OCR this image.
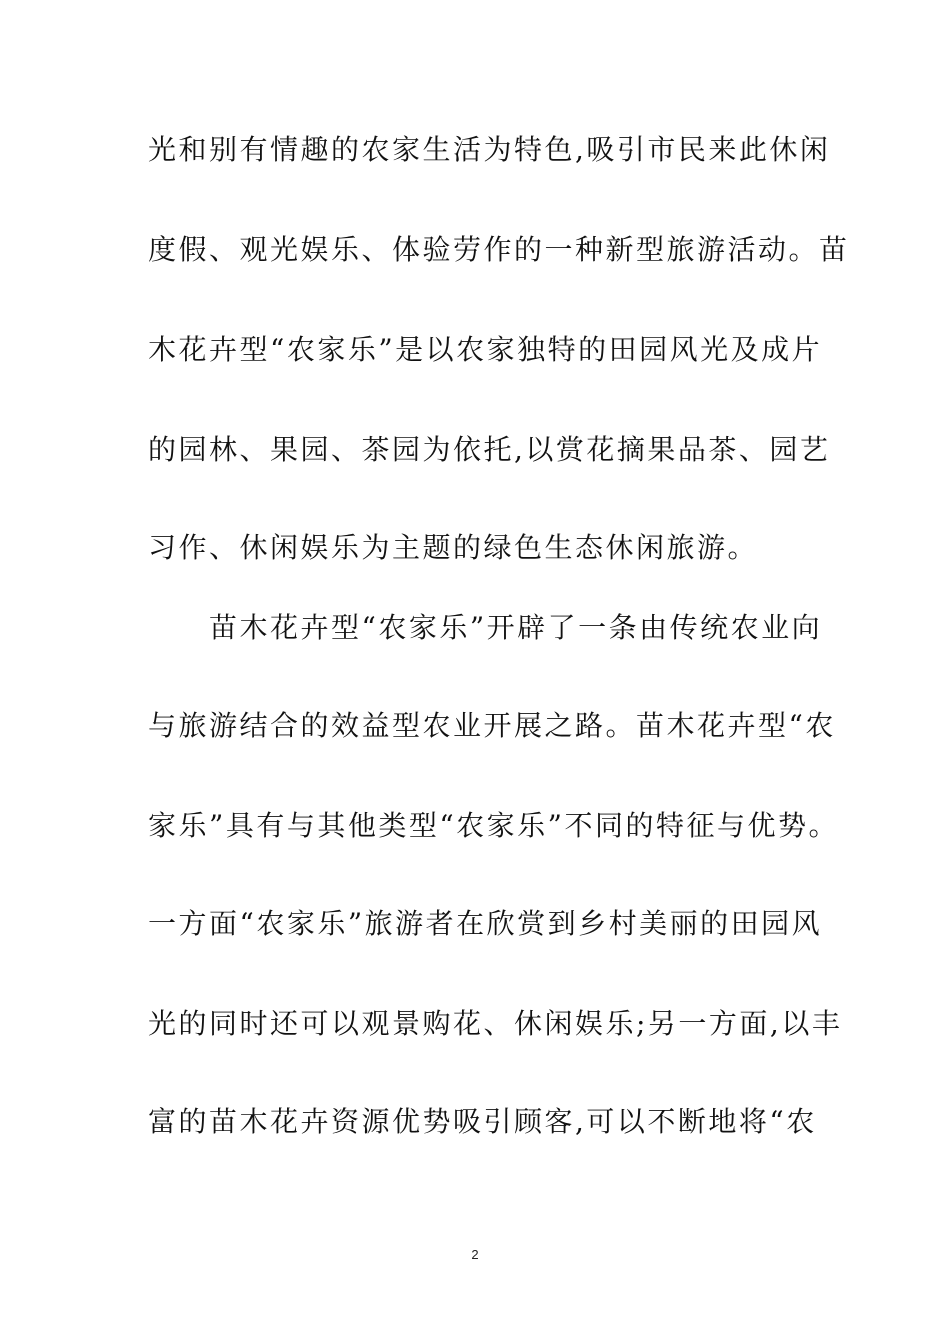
光和别有情趣的农家生活为特色,吸引市民来此休闲
度假、观光娱乐、体验劳作的一种新型旅游活动。苗
木花卉型“农家乐”是以农家独特的田园风光及成片
的园林、果园、茶园为依托,以赏花摘果品茶、园艺
习作、休闲娱乐为主题的绿色生态休闲旅游。
　　苗木花卉型“农家乐”开辟了一条由传统农业向
与旅游结合的效益型农业开展之路。苗木花卉型“农
家乐”具有与其他类型“农家乐”不同的特征与优势。
一方面“农家乐”旅游者在欣赏到乡村美丽的田园风
光的同时还可以观景购花、休闲娱乐;另一方面,以丰
富的苗木花卉资源优势吸引顾客,可以不断地将“农
2
